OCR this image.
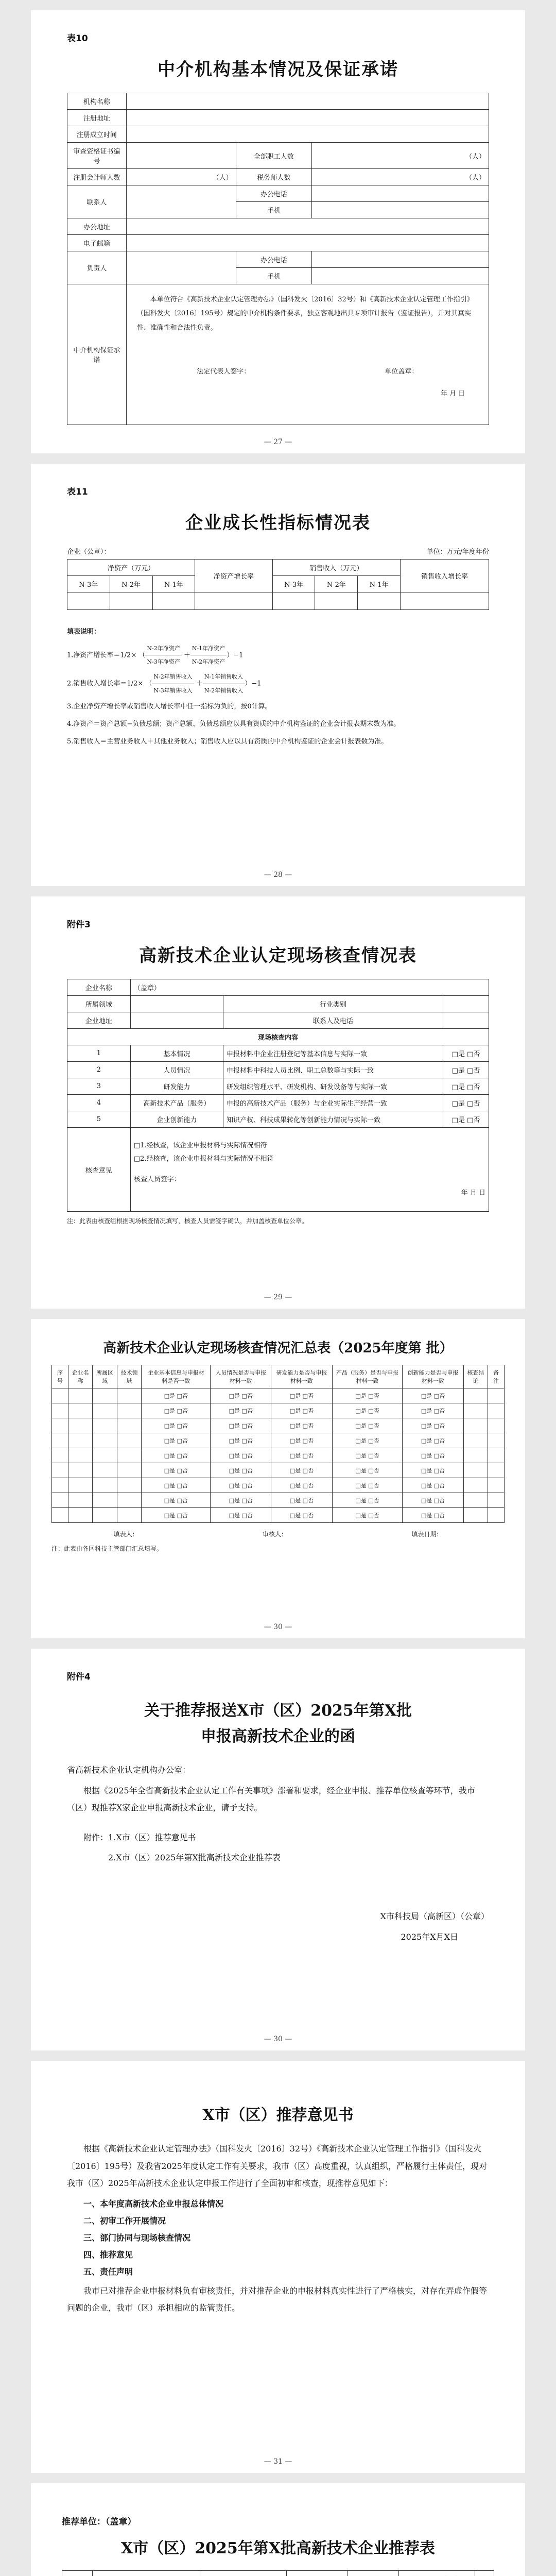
表10
中介机构基本情况及保证承诺
机构名称			
注册地址			
注册成立时间			
审查资格证书编号		全部职工人数	（人）
注册会计师人数	（人）	税务师人数	（人）
联系人		办公电话	
		手机	
办公地址			
电子邮箱			
负责人		办公电话	
		手机	
中介机构保证承诺	本单位符合《高新技术企业认定管理办法》（国科发火〔2016〕32号）和《高新技术企业认定管理工作指引》（国科发火〔2016〕195号）规定的中介机构条件要求，独立客观地出具专项审计报告（鉴证报告），并对其真实性、准确性和合法性负责。
法定代表人签字： 单位盖章：
年 月 日		
— 27 —
表11
企业成长性指标情况表
企业（公章）：	单位：万元/年度年份
净资产（万元）			净资产增长率	销售收入（万元）			销售收入增长率
N-3年	N-2年	N-1年		N-3年	N-2年	N-1年	

填表说明：
1.净资产增长率＝1/2× （ $\frac{\text{N-2年净资产}}{\text{N-3年净资产}} + \frac{\text{N-1年净资产}}{\text{N-2年净资产}} )-1$
2.销售收入增长率＝1/2× （ $\frac{\text{N-2年销售收入}}{\text{N-3年销售收入}} + \frac{\text{N-1年销售收入}}{\text{N-2年销售收入}} )-1$
3.企业净资产增长率或销售收入增长率中任一指标为负的，按0计算。
4.净资产＝资产总额−负债总额；资产总额、负债总额应以具有资质的中介机构鉴证的企业会计报表期末数为准。
5.销售收入＝主营业务收入＋其他业务收入；销售收入应以具有资质的中介机构鉴证的企业会计报表数为准。
— 28 —
附件3
高新技术企业认定现场核查情况表
企业名称	（盖章）		
所属领域		行业类别	
企业地址		联系人及电话	
现场核查内容			
1	基本情况	申报材料中企业注册登记等基本信息与实际一致	□是 □否
2	人员情况	申报材料中科技人员比例、职工总数等与实际一致	□是 □否
3	研发能力	研发组织管理水平、研发机构、研发设备等与实际一致	□是 □否
4	高新技术产品（服务）	申报的高新技术产品（服务）与企业实际生产经营一致	□是 □否
5	企业创新能力	知识产权、科技成果转化等创新能力情况与实际一致	□是 □否
核查意见	□1.经核查，该企业申报材料与实际情况相符
□2.经核查，该企业申报材料与实际情况不相符
核查人员签字：
年 月 日		
注：此表由核查组根据现场核查情况填写，核查人员需签字确认，并加盖核查单位公章。
— 29 —
高新技术企业认定现场核查情况汇总表（2025年度第 批）
序号	企业名称	所属区域	技术领域	企业基本信息与申报材料是否一致	人员情况是否与申报材料一致	研发能力是否与申报材料一致	产品（服务）是否与申报材料一致	创新能力是否与申报材料一致	核查结论	备注
				□是 □否	□是 □否	□是 □否	□是 □否	□是 □否		
				□是 □否	□是 □否	□是 □否	□是 □否	□是 □否		
				□是 □否	□是 □否	□是 □否	□是 □否	□是 □否		
				□是 □否	□是 □否	□是 □否	□是 □否	□是 □否		
				□是 □否	□是 □否	□是 □否	□是 □否	□是 □否		
				□是 □否	□是 □否	□是 □否	□是 □否	□是 □否		
				□是 □否	□是 □否	□是 □否	□是 □否	□是 □否		
				□是 □否	□是 □否	□是 □否	□是 □否	□是 □否		
				□是 □否	□是 □否	□是 □否	□是 □否	□是 □否		
填表人：	审核人：	填表日期：
注：此表由各区科技主管部门汇总填写。
— 30 —
附件4
关于推荐报送X市（区）2025年第X批
申报高新技术企业的函
省高新技术企业认定机构办公室：
根据《2025年全省高新技术企业认定工作有关事项》部署和要求，经企业申报、推荐单位核查等环节，我市（区）现推荐X家企业申报高新技术企业，请予支持。
附件：1.X市（区）推荐意见书
2.X市（区）2025年第X批高新技术企业推荐表
X市科技局（高新区）（公章）
2025年X月X日
— 30 —
X市（区）推荐意见书
根据《高新技术企业认定管理办法》（国科发火〔2016〕32号）《高新技术企业认定管理工作指引》（国科发火〔2016〕195号）及我省2025年度认定工作有关要求，我市（区）高度重视，认真组织，严格履行主体责任，现对我市（区）2025年高新技术企业认定申报工作进行了全面初审和核查，现推荐意见如下：
一、本年度高新技术企业申报总体情况
二、初审工作开展情况
三、部门协同与现场核查情况
四、推荐意见
五、责任声明
我市已对推荐企业申报材料负有审核责任，并对推荐企业的申报材料真实性进行了严格核实，对存在弄虚作假等问题的企业，我市（区）承担相应的监管责任。
— 31 —
推荐单位：（盖章）
X市（区）2025年第X批高新技术企业推荐表
